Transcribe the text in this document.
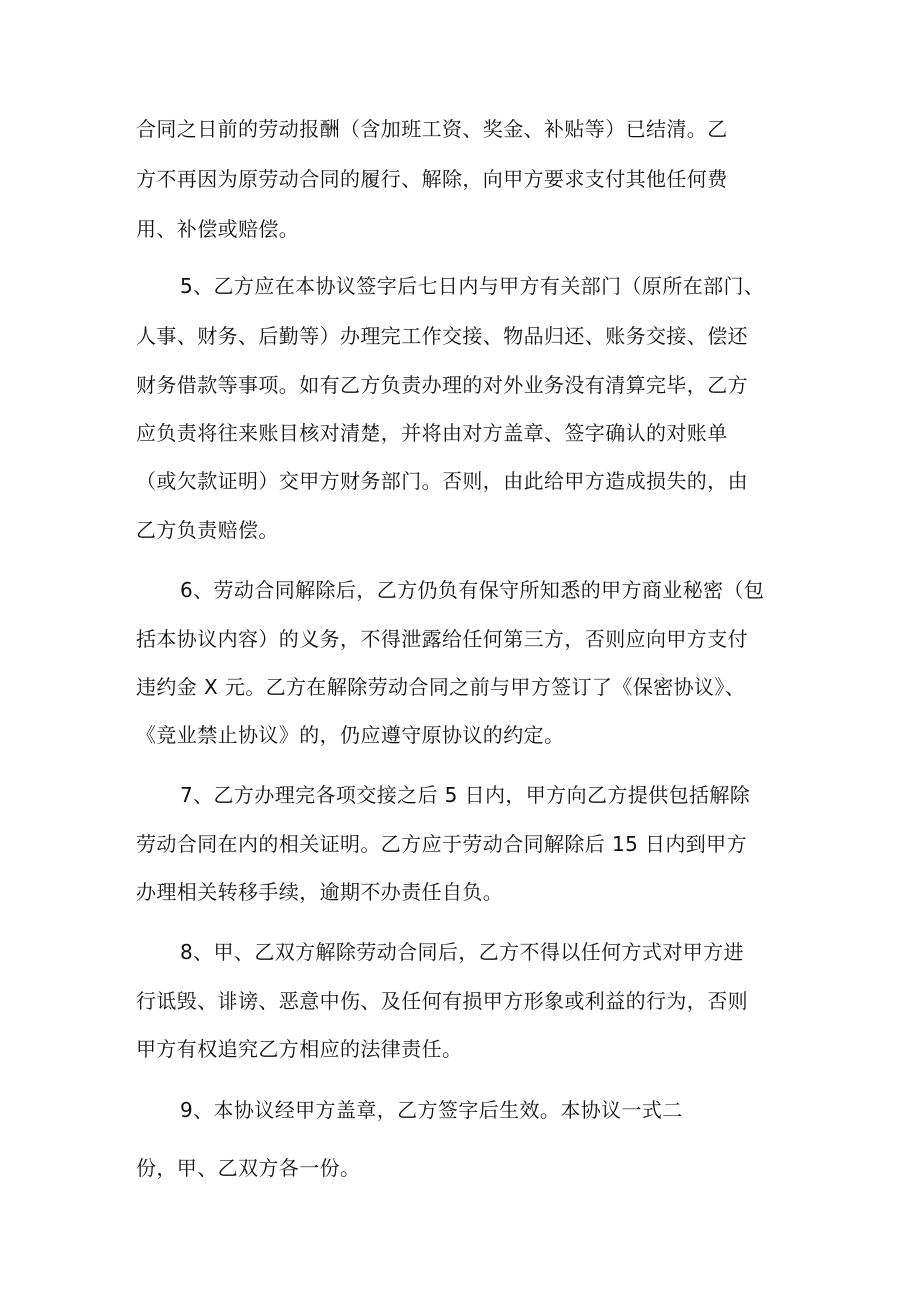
合同之日前的劳动报酬（含加班工资、奖金、补贴等）已结清。乙

方不再因为原劳动合同的履行、解除，向甲方要求支付其他任何费

用、补偿或赔偿。

5、乙方应在本协议签字后七日内与甲方有关部门（原所在部门、

人事、财务、后勤等）办理完工作交接、物品归还、账务交接、偿还

财务借款等事项。如有乙方负责办理的对外业务没有清算完毕，乙方

应负责将往来账目核对清楚，并将由对方盖章、签字确认的对账单

（或欠款证明）交甲方财务部门。否则，由此给甲方造成损失的，由

乙方负责赔偿。

6、劳动合同解除后，乙方仍负有保守所知悉的甲方商业秘密（包

括本协议内容）的义务，不得泄露给任何第三方，否则应向甲方支付

违约金 X 元。乙方在解除劳动合同之前与甲方签订了《保密协议》、

《竞业禁止协议》的，仍应遵守原协议的约定。

7、乙方办理完各项交接之后 5 日内，甲方向乙方提供包括解除

劳动合同在内的相关证明。乙方应于劳动合同解除后 15 日内到甲方

办理相关转移手续，逾期不办责任自负。

8、甲、乙双方解除劳动合同后，乙方不得以任何方式对甲方进

行诋毁、诽谤、恶意中伤、及任何有损甲方形象或利益的行为，否则

甲方有权追究乙方相应的法律责任。

9、本协议经甲方盖章，乙方签字后生效。本协议一式二

份，甲、乙双方各一份。
